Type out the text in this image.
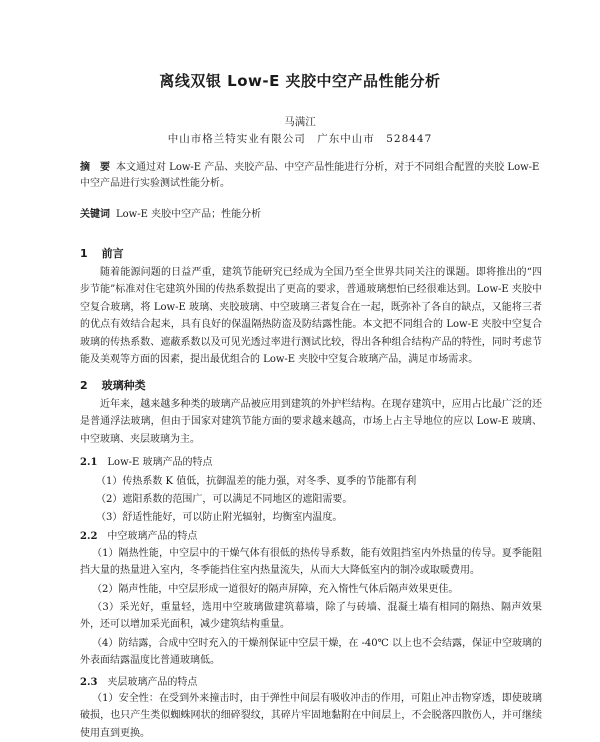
离线双银 Low-E 夹胶中空产品性能分析
马满江
中山市格兰特实业有限公司　广东中山市　528447
摘　要 本文通过对 Low-E 产品、夹胶产品、中空产品性能进行分析，对于不同组合配置的夹胶 Low-E 中空产品进行实验测试性能分析。
关键词 Low-E 夹胶中空产品；性能分析
1 前言

随着能源问题的日益严重，建筑节能研究已经成为全国乃至全世界共同关注的课题。即将推出的“四步节能”标准对住宅建筑外围的传热系数提出了更高的要求，普通玻璃想怕已经很难达到。Low-E 夹胶中空复合玻璃，将 Low-E 玻璃、夹胶玻璃、中空玻璃三者复合在一起，既弥补了各自的缺点，又能将三者的优点有效结合起来，具有良好的保温隔热防盗及防结露性能。本文把不同组合的 Low-E 夹胶中空复合玻璃的传热系数、遮蔽系数以及可见光透过率进行测试比较，得出各种组合结构产品的特性，同时考虑节能及美观等方面的因素，提出最优组合的 Low-E 夹胶中空复合玻璃产品，满足市场需求。

2 玻璃种类

近年来，越来越多种类的玻璃产品被应用到建筑的外护栏结构。在现存建筑中，应用占比最广泛的还是普通浮法玻璃，但由于国家对建筑节能方面的要求越来越高，市场上占主导地位的应以 Low-E 玻璃、中空玻璃、夹层玻璃为主。

2.1 Low-E 玻璃产品的特点
（1）传热系数 K 值低，抗御温差的能力强，对冬季、夏季的节能都有利
（2）遮阳系数的范围广，可以满足不同地区的遮阳需要。
（3）舒适性能好，可以防止附光辐射，均衡室内温度。
2.2 中空玻璃产品的特点

（1）隔热性能，中空层中的干燥气体有很低的热传导系数，能有效阻挡室内外热量的传导。夏季能阻挡大量的热量进入室内，冬季能挡住室内热量流失，从而大大降低室内的制冷或取暖费用。

（2）隔声性能，中空层形成一道很好的隔声屏障，充入惰性气体后隔声效果更佳。

（3）采光好，重量轻，选用中空玻璃做建筑幕墙，除了与砖墙、混凝土墙有相同的隔热、隔声效果外，还可以增加采光面积，减少建筑结构重量。

（4）防结露，合成中空时充入的干燥剂保证中空层干燥，在 -40℃ 以上也不会结露，保证中空玻璃的外表面结露温度比普通玻璃低。

2.3 夹层玻璃产品的特点

（1）安全性：在受到外来撞击时，由于弹性中间层有吸收冲击的作用，可阻止冲击物穿透，即使玻璃破损，也只产生类似蜘蛛网状的细碎裂纹，其碎片牢固地黏附在中间层上，不会脱落四散伤人，并可继续使用直到更换。
